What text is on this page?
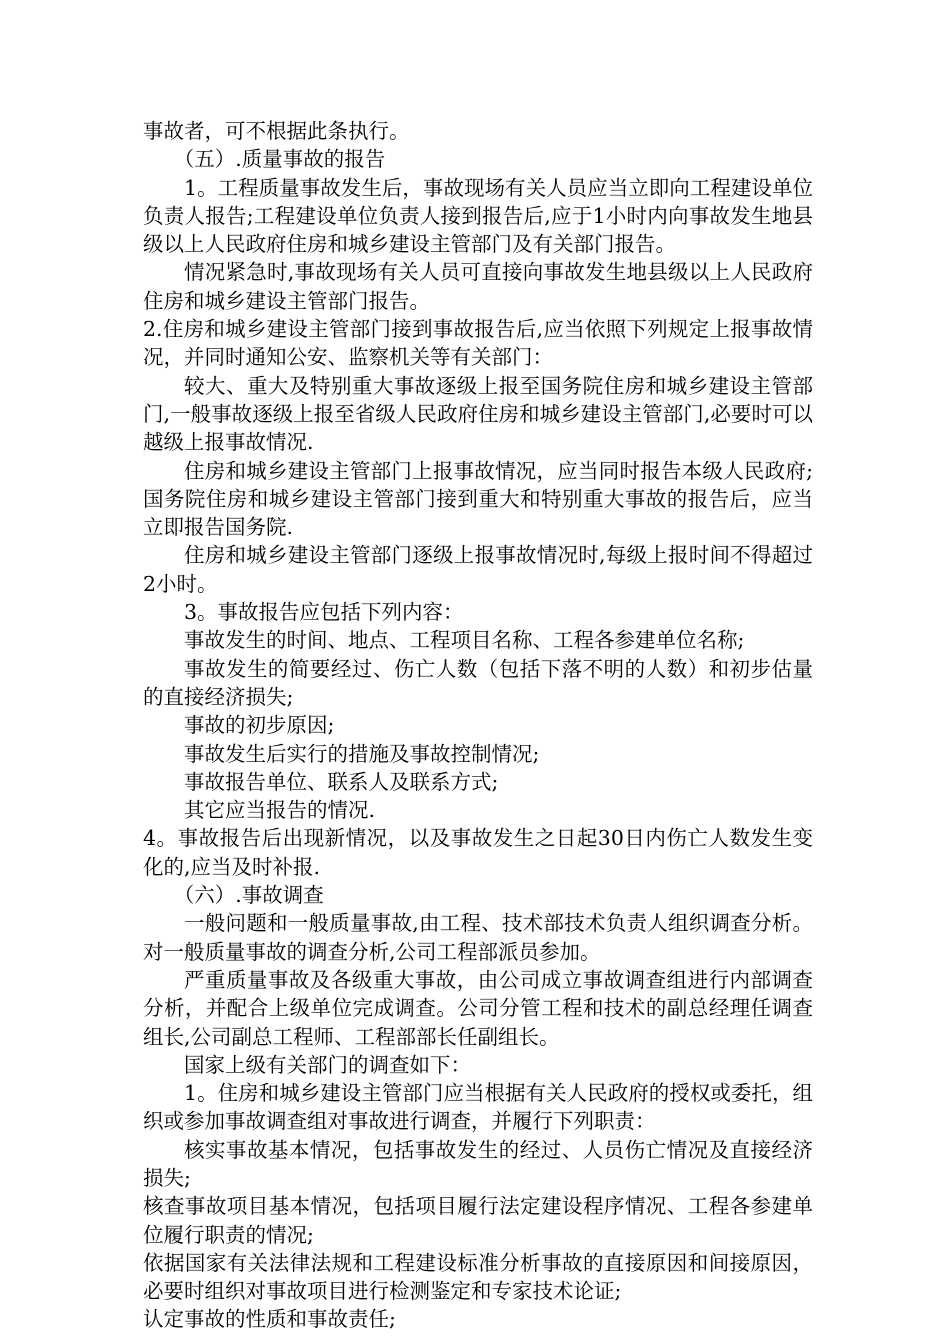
事故者，可不根据此条执行。

（五）.质量事故的报告

1。工程质量事故发生后，事故现场有关人员应当立即向工程建设单位负责人报告;工程建设单位负责人接到报告后,应于1小时内向事故发生地县级以上人民政府住房和城乡建设主管部门及有关部门报告。

情况紧急时,事故现场有关人员可直接向事故发生地县级以上人民政府住房和城乡建设主管部门报告。

2.住房和城乡建设主管部门接到事故报告后,应当依照下列规定上报事故情况，并同时通知公安、监察机关等有关部门：

较大、重大及特别重大事故逐级上报至国务院住房和城乡建设主管部门,一般事故逐级上报至省级人民政府住房和城乡建设主管部门,必要时可以越级上报事故情况.

住房和城乡建设主管部门上报事故情况，应当同时报告本级人民政府;国务院住房和城乡建设主管部门接到重大和特别重大事故的报告后，应当立即报告国务院.

住房和城乡建设主管部门逐级上报事故情况时,每级上报时间不得超过2小时。

3。事故报告应包括下列内容：

事故发生的时间、地点、工程项目名称、工程各参建单位名称;

事故发生的简要经过、伤亡人数（包括下落不明的人数）和初步估量的直接经济损失;

事故的初步原因;

事故发生后实行的措施及事故控制情况;

事故报告单位、联系人及联系方式;

其它应当报告的情况.

4。事故报告后出现新情况，以及事故发生之日起30日内伤亡人数发生变化的,应当及时补报.

（六）.事故调查

一般问题和一般质量事故,由工程、技术部技术负责人组织调查分析。对一般质量事故的调查分析,公司工程部派员参加。

严重质量事故及各级重大事故，由公司成立事故调查组进行内部调查分析，并配合上级单位完成调查。公司分管工程和技术的副总经理任调查组长,公司副总工程师、工程部部长任副组长。

国家上级有关部门的调查如下：

1。住房和城乡建设主管部门应当根据有关人民政府的授权或委托，组织或参加事故调查组对事故进行调查，并履行下列职责：

核实事故基本情况，包括事故发生的经过、人员伤亡情况及直接经济损失;

核查事故项目基本情况，包括项目履行法定建设程序情况、工程各参建单位履行职责的情况;

依据国家有关法律法规和工程建设标准分析事故的直接原因和间接原因，必要时组织对事故项目进行检测鉴定和专家技术论证;

认定事故的性质和事故责任;
